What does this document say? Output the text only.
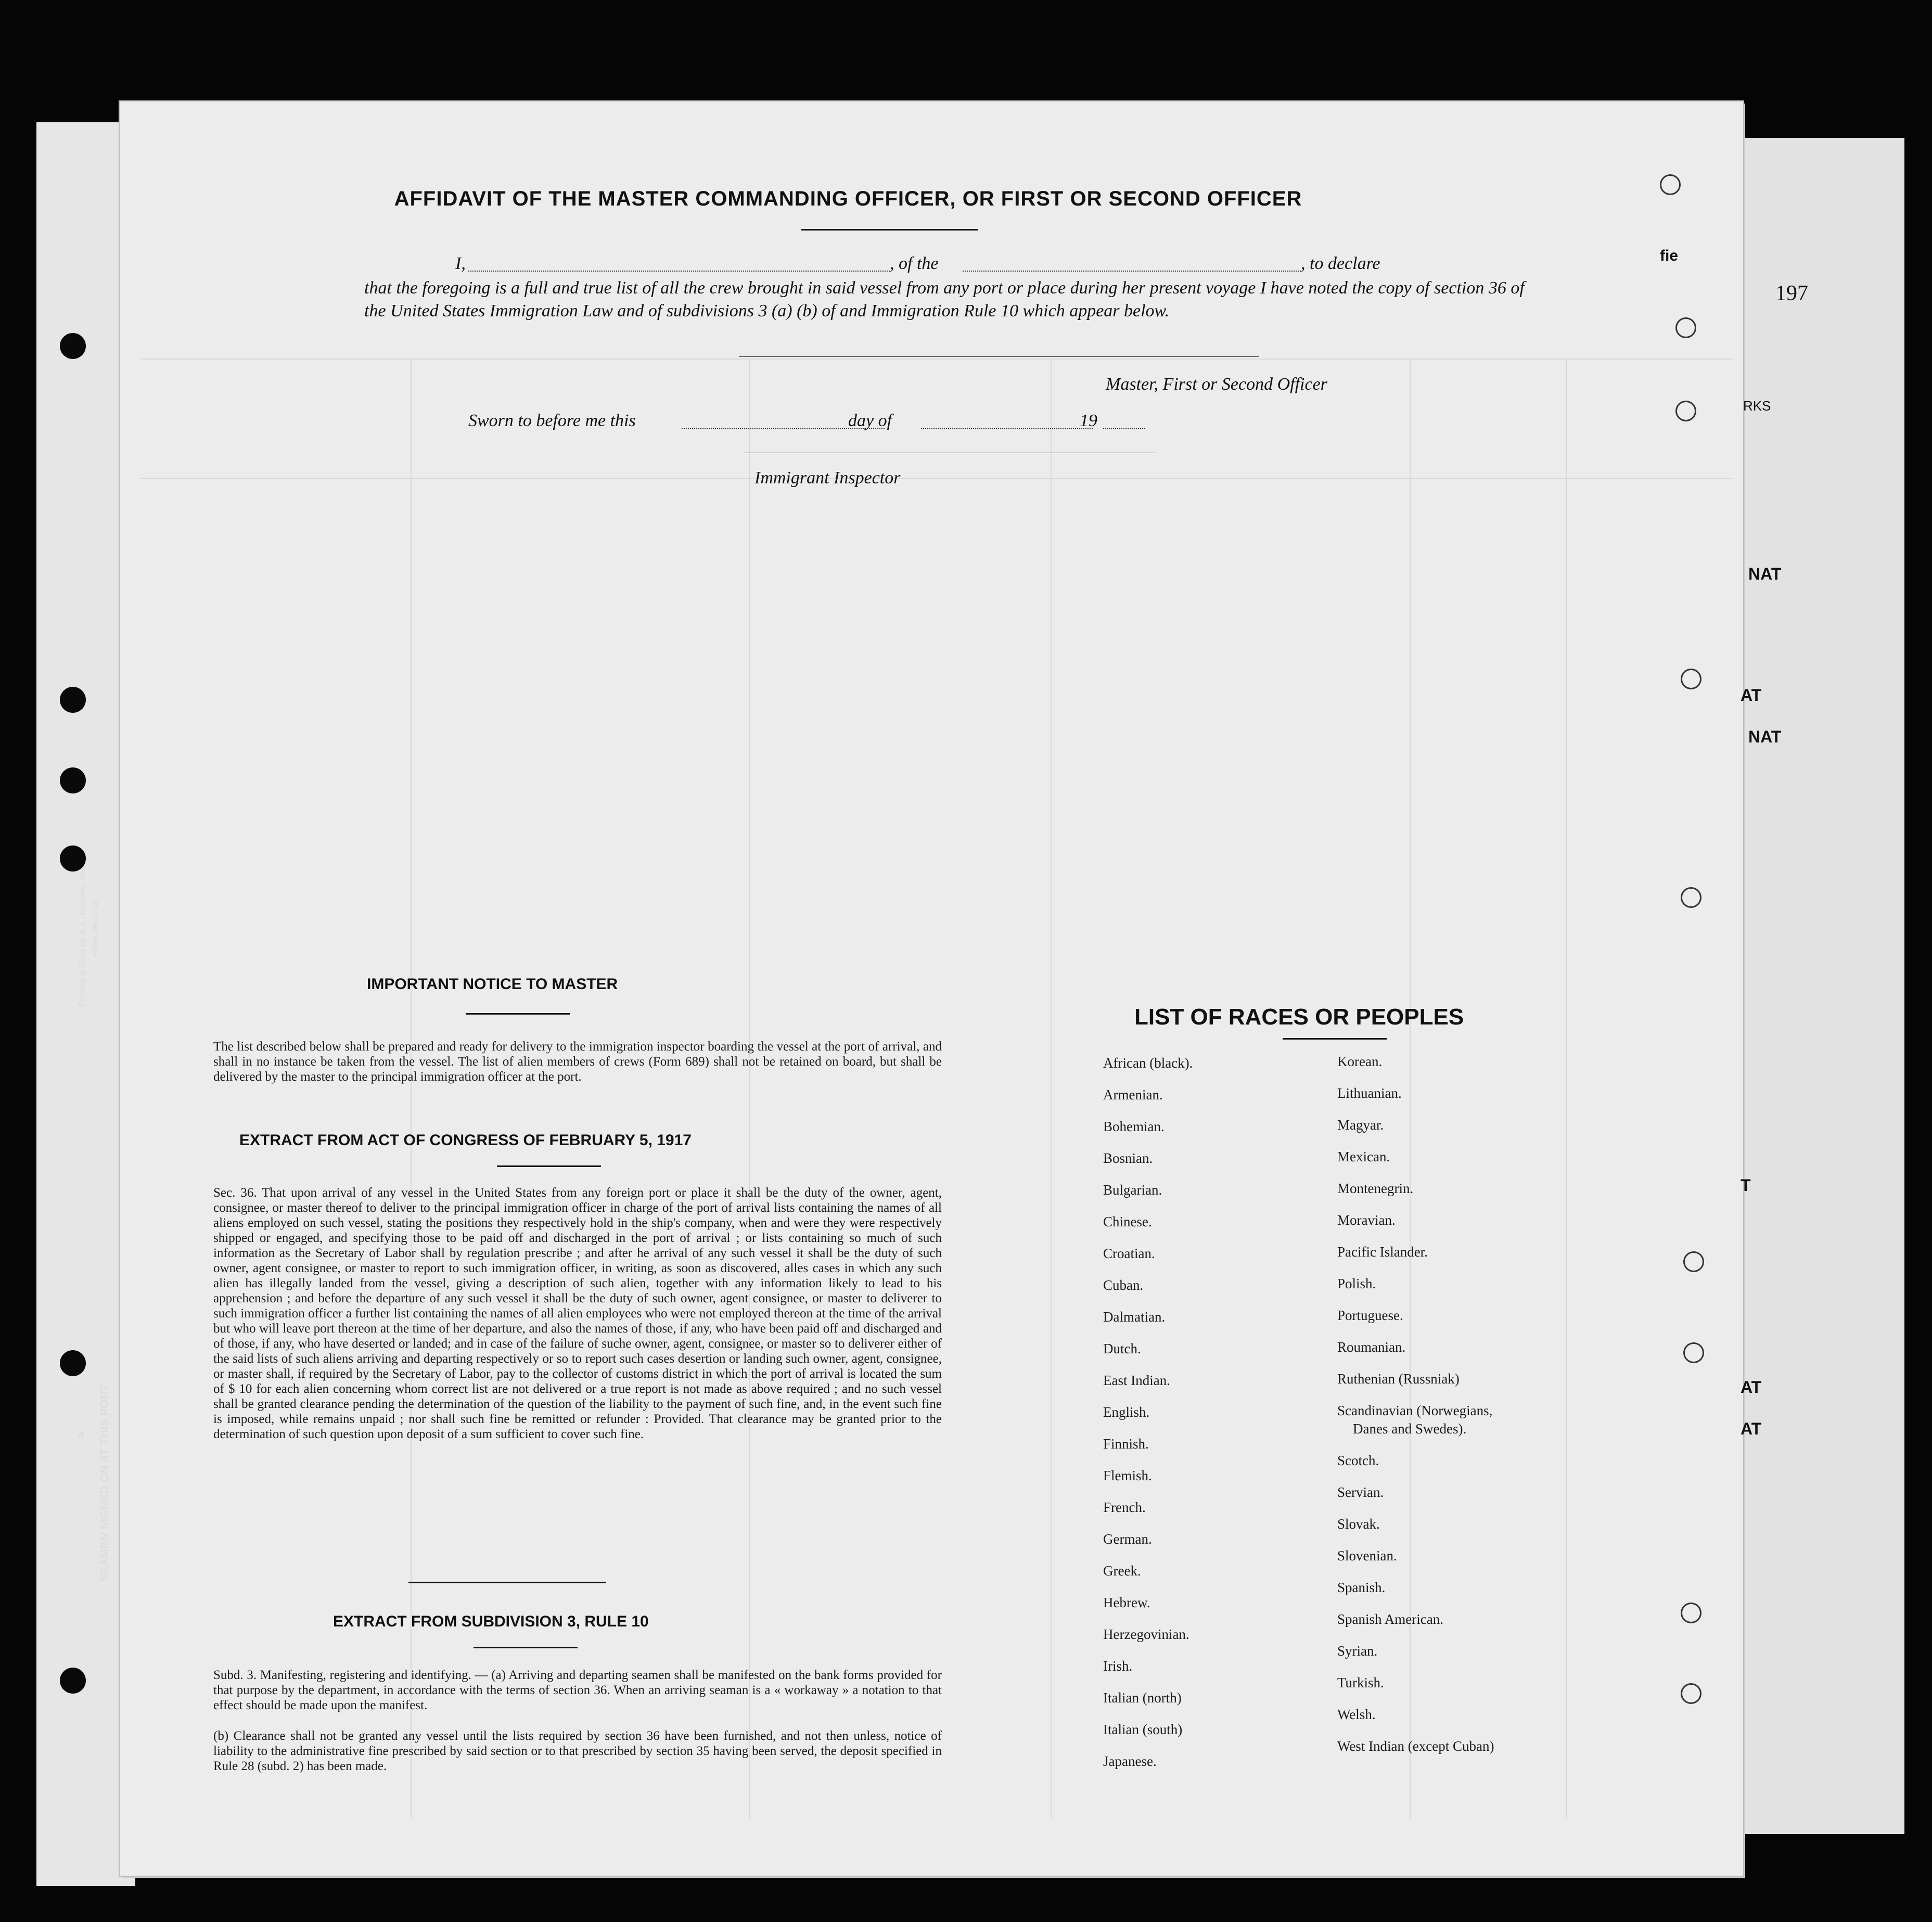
Printed & Sold by A. L. Russell, Inc. FORM 689 10-32
SEAMEN SIGNED ON AT THIS PORT
4
AFFIDAVIT OF THE MASTER COMMANDING OFFICER, OR FIRST OR SECOND OFFICER
I,	, of the	, to declare
that the foregoing is a full and true list of all the crew brought in said vessel from any port or place during her present voyage I have noted the copy of section 36 of the United States Immigration Law and of subdivisions 3 (a) (b) of and Immigration Rule 10 which appear below.
Master, First or Second Officer
Sworn to before me this	day of	19
Immigrant Inspector
197
IMPORTANT NOTICE TO MASTER
The list described below shall be prepared and ready for delivery to the immigration inspector boarding the vessel at the port of arrival, and shall in no instance be taken from the vessel. The list of alien members of crews (Form 689) shall not be retained on board, but shall be delivered by the master to the principal immigration officer at the port.
EXTRACT FROM ACT OF CONGRESS OF FEBRUARY 5, 1917
Sec. 36. That upon arrival of any vessel in the United States from any foreign port or place it shall be the duty of the owner, agent, consignee, or master thereof to deliver to the principal immigration officer in charge of the port of arrival lists containing the names of all aliens employed on such vessel, stating the positions they respectively hold in the ship's company, when and were they were respectively shipped or engaged, and specifying those to be paid off and discharged in the port of arrival ; or lists containing so much of such information as the Secretary of Labor shall by regulation prescribe ; and after he arrival of any such vessel it shall be the duty of such owner, agent consignee, or master to report to such immigration officer, in writing, as soon as discovered, alles cases in which any such alien has illegally landed from the vessel, giving a description of such alien, together with any information likely to lead to his apprehension ; and before the departure of any such vessel it shall be the duty of such owner, agent consignee, or master to deliverer to such immigration officer a further list containing the names of all alien employees who were not employed thereon at the time of the arrival but who will leave port thereon at the time of her departure, and also the names of those, if any, who have been paid off and discharged and of those, if any, who have deserted or landed; and in case of the failure of suche owner, agent, consignee, or master so to deliverer either of the said lists of such aliens arriving and departing respectively or so to report such cases desertion or landing such owner, agent, consignee, or master shall, if required by the Secretary of Labor, pay to the collector of customs district in which the port of arrival is located the sum of $ 10 for each alien concerning whom correct list are not delivered or a true report is not made as above required ; and no such vessel shall be granted clearance pending the determination of the question of the liability to the payment of such fine, and, in the event such fine is imposed, while remains unpaid ; nor shall such fine be remitted or refunder : Provided. That clearance may be granted prior to the determination of such question upon deposit of a sum sufficient to cover such fine.
EXTRACT FROM SUBDIVISION 3, RULE 10
Subd. 3. Manifesting, registering and identifying. — (a) Arriving and departing seamen shall be manifested on the bank forms provided for that purpose by the department, in accordance with the terms of section 36. When an arriving seaman is a « workaway » a notation to that effect should be made upon the manifest.
(b) Clearance shall not be granted any vessel until the lists required by section 36 have been furnished, and not then unless, notice of liability to the administrative fine prescribed by said section or to that prescribed by section 35 having been served, the deposit specified in Rule 28 (subd. 2) has been made.
LIST OF RACES OR PEOPLES
African (black).
Armenian.
Bohemian.
Bosnian.
Bulgarian.
Chinese.
Croatian.
Cuban.
Dalmatian.
Dutch.
East Indian.
English.
Finnish.
Flemish.
French.
German.
Greek.
Hebrew.
Herzegovinian.
Irish.
Italian (north)
Italian (south)
Japanese.
Korean.
Lithuanian.
Magyar.
Mexican.
Montenegrin.
Moravian.
Pacific Islander.
Polish.
Portuguese.
Roumanian.
Ruthenian (Russniak)
Scandinavian (Norwegians,
Danes and Swedes).
Scotch.
Servian.
Slovak.
Slovenian.
Spanish.
Spanish American.
Syrian.
Turkish.
Welsh.
West Indian (except Cuban)
fie
RKS
NAT
AT
NAT
T
AT
AT
